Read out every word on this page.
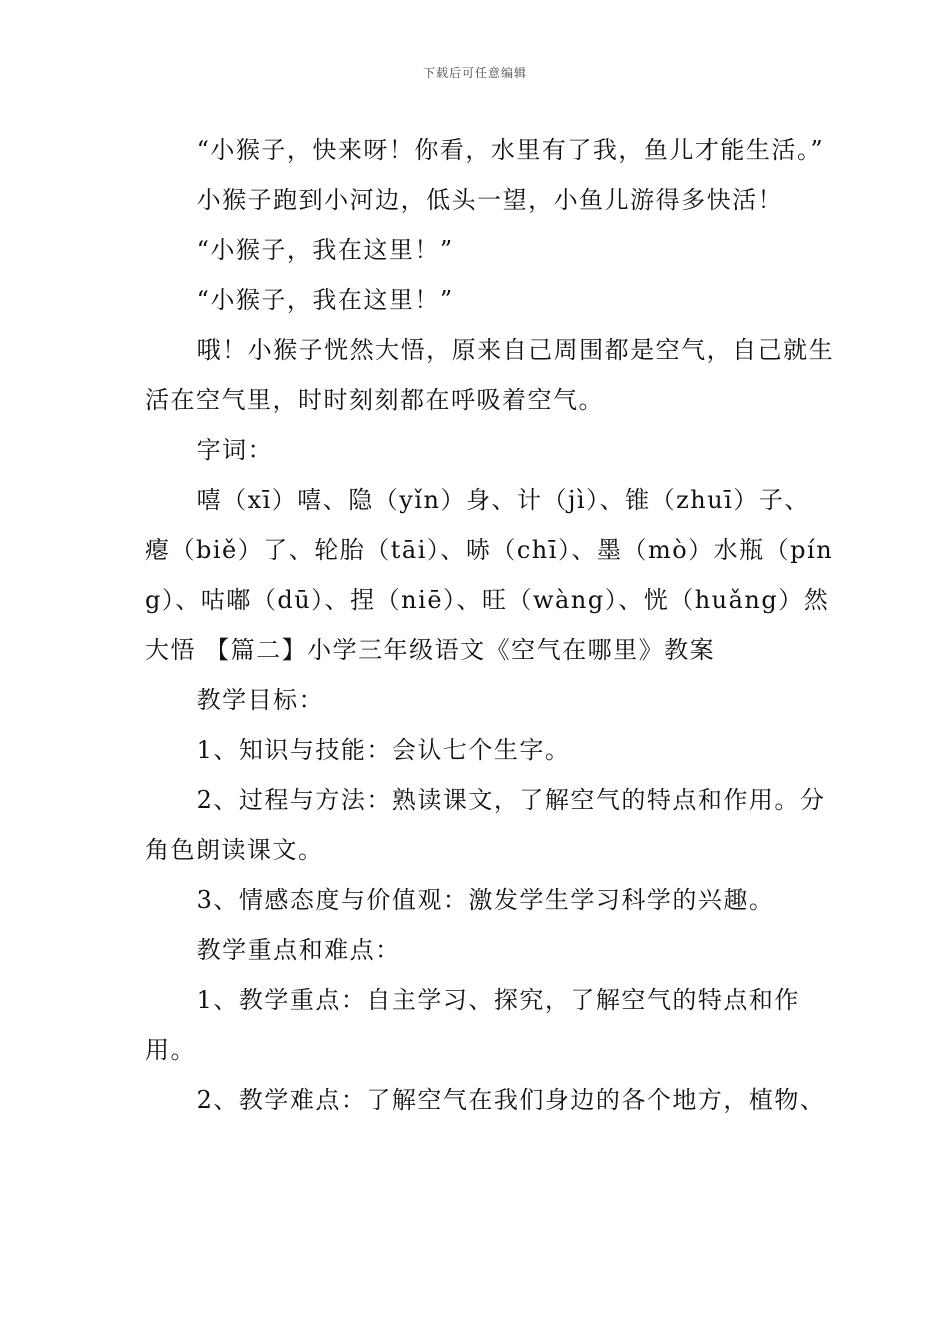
下载后可任意编辑

“小猴子，快来呀！你看，水里有了我，鱼儿才能生活。”

小猴子跑到小河边，低头一望，小鱼儿游得多快活！

“小猴子，我在这里！”

“小猴子，我在这里！”

哦！小猴子恍然大悟，原来自己周围都是空气，自己就生活在空气里，时时刻刻都在呼吸着空气。

字词：

嘻（xī）嘻、隐（yǐn）身、计（jì）、锥（zhuī）子、瘪（biě）了、轮胎（tāi）、哧（chī）、墨（mò）水瓶（píng）、咕嘟（dū）、捏（niē）、旺（wàng）、恍（huǎng）然大悟 【篇二】小学三年级语文《空气在哪里》教案

教学目标：

1、知识与技能：会认七个生字。

2、过程与方法：熟读课文，了解空气的特点和作用。分角色朗读课文。

3、情感态度与价值观：激发学生学习科学的兴趣。

教学重点和难点：

1、教学重点：自主学习、探究，了解空气的特点和作用。

2、教学难点：了解空气在我们身边的各个地方，植物、
